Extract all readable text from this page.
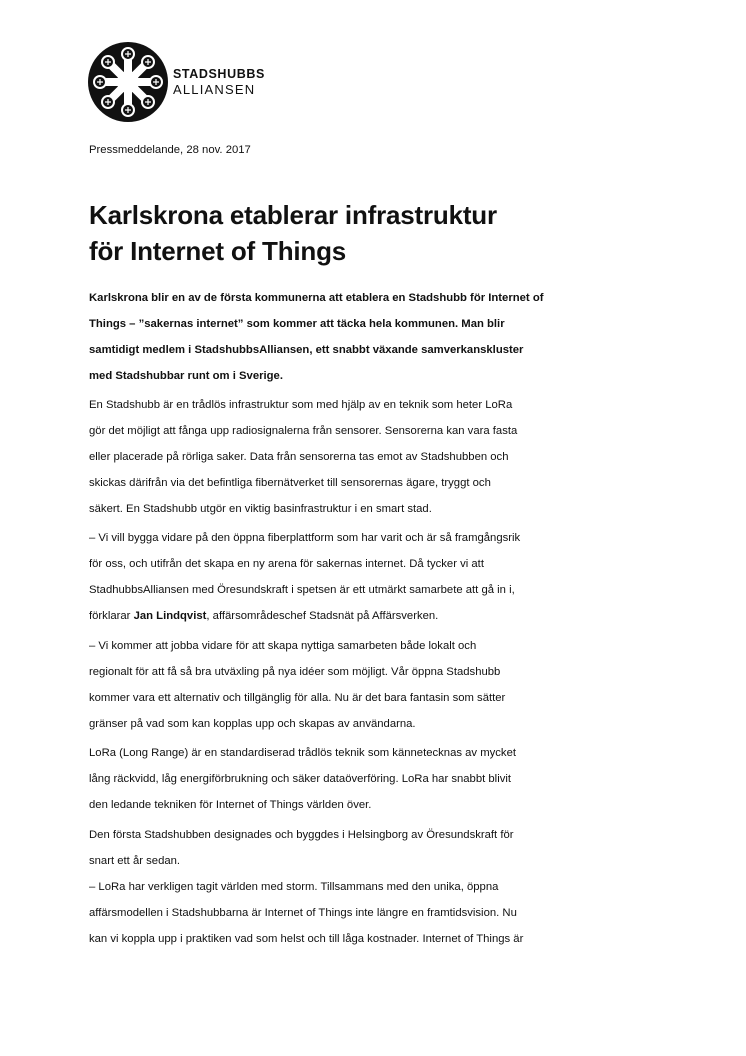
STADSHUBBS
ALLIANSEN
Pressmeddelande, 28 nov. 2017
Karlskrona etablerar infrastruktur
för Internet of Things

Karlskrona blir en av de första kommunerna att etablera en Stadshubb för Internet of
Things – ”sakernas internet” som kommer att täcka hela kommunen. Man blir
samtidigt medlem i StadshubbsAlliansen, ett snabbt växande samverkanskluster
med Stadshubbar runt om i Sverige.

En Stadshubb är en trådlös infrastruktur som med hjälp av en teknik som heter LoRa
gör det möjligt att fånga upp radiosignalerna från sensorer. Sensorerna kan vara fasta
eller placerade på rörliga saker. Data från sensorerna tas emot av Stadshubben och
skickas därifrån via det befintliga fibernätverket till sensorernas ägare, tryggt och
säkert. En Stadshubb utgör en viktig basinfrastruktur i en smart stad.

– Vi vill bygga vidare på den öppna fiberplattform som har varit och är så framgångsrik
för oss, och utifrån det skapa en ny arena för sakernas internet. Då tycker vi att
StadhubbsAlliansen med Öresundskraft i spetsen är ett utmärkt samarbete att gå in i,
förklarar Jan Lindqvist, affärsområdeschef Stadsnät på Affärsverken.

– Vi kommer att jobba vidare för att skapa nyttiga samarbeten både lokalt och
regionalt för att få så bra utväxling på nya idéer som möjligt. Vår öppna Stadshubb
kommer vara ett alternativ och tillgänglig för alla. Nu är det bara fantasin som sätter
gränser på vad som kan kopplas upp och skapas av användarna.

LoRa (Long Range) är en standardiserad trådlös teknik som kännetecknas av mycket
lång räckvidd, låg energiförbrukning och säker dataöverföring. LoRa har snabbt blivit
den ledande tekniken för Internet of Things världen över.

Den första Stadshubben designades och byggdes i Helsingborg av Öresundskraft för
snart ett år sedan.
– LoRa har verkligen tagit världen med storm. Tillsammans med den unika, öppna
affärsmodellen i Stadshubbarna är Internet of Things inte längre en framtidsvision. Nu
kan vi koppla upp i praktiken vad som helst och till låga kostnader. Internet of Things är
